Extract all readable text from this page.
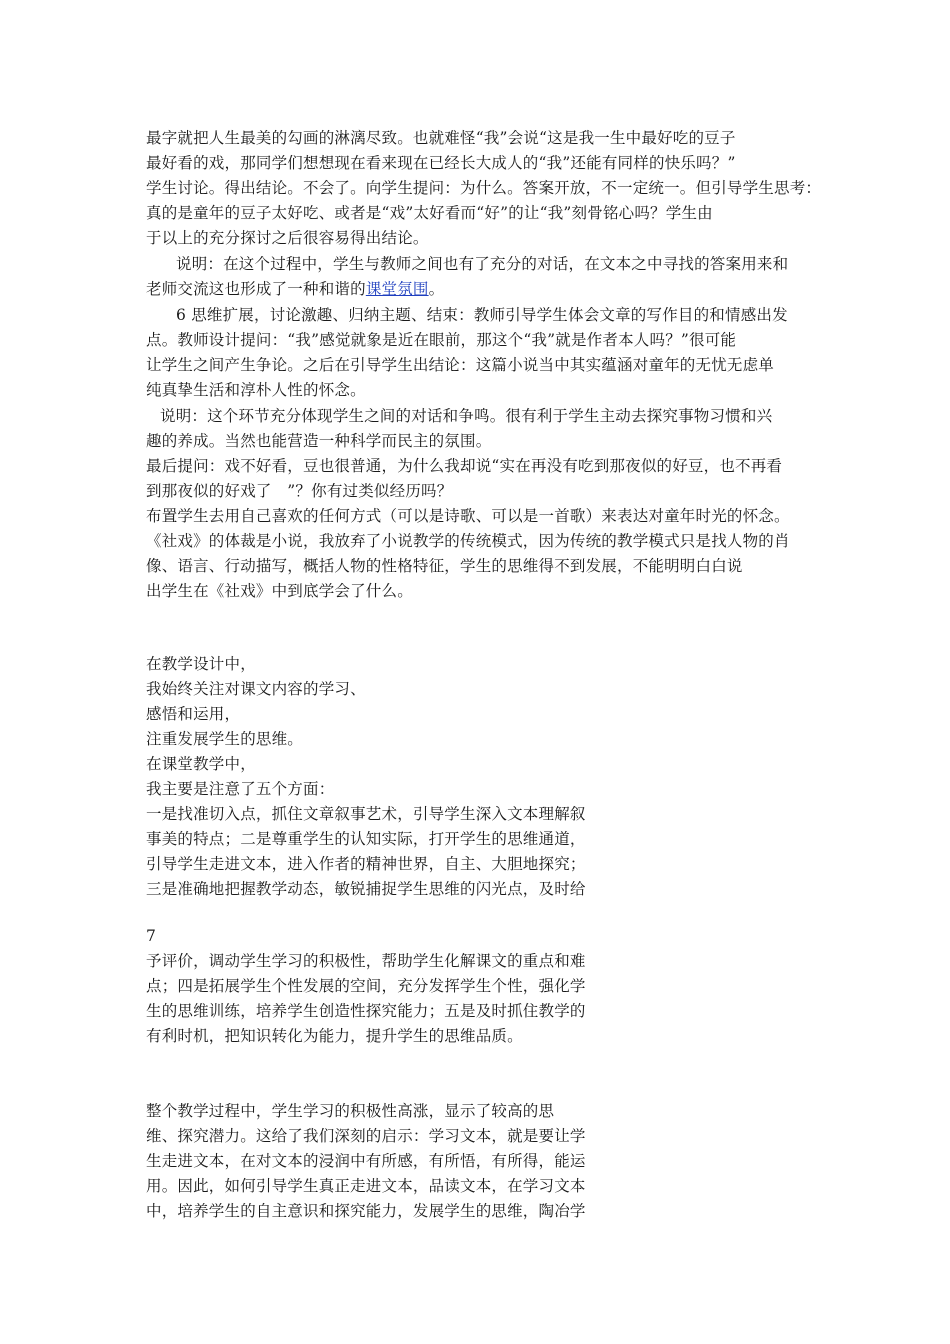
最字就把人生最美的勾画的淋漓尽致。也就难怪“我”会说“这是我一生中最好吃的豆子
最好看的戏，那同学们想想现在看来现在已经长大成人的“我”还能有同样的快乐吗？”
学生讨论。得出结论。不会了。向学生提问：为什么。答案开放，不一定统一。但引导学生思考：
真的是童年的豆子太好吃、或者是“戏”太好看而“好”的让“我”刻骨铭心吗？学生由
于以上的充分探讨之后很容易得出结论。
说明：在这个过程中，学生与教师之间也有了充分的对话，在文本之中寻找的答案用来和
老师交流这也形成了一种和谐的课堂氛围。
6 思维扩展，讨论激趣、归纳主题、结束：教师引导学生体会文章的写作目的和情感出发
点。教师设计提问：“我”感觉就象是近在眼前，那这个“我”就是作者本人吗？”很可能
让学生之间产生争论。之后在引导学生出结论：这篇小说当中其实蕴涵对童年的无忧无虑单
纯真挚生活和淳朴人性的怀念。
说明：这个环节充分体现学生之间的对话和争鸣。很有利于学生主动去探究事物习惯和兴
趣的养成。当然也能营造一种科学而民主的氛围。
最后提问：戏不好看，豆也很普通，为什么我却说“实在再没有吃到那夜似的好豆，也不再看
到那夜似的好戏了　”？你有过类似经历吗？
布置学生去用自己喜欢的任何方式（可以是诗歌、可以是一首歌）来表达对童年时光的怀念。
《社戏》的体裁是小说，我放弃了小说教学的传统模式，因为传统的教学模式只是找人物的肖
像、语言、行动描写，概括人物的性格特征，学生的思维得不到发展，不能明明白白说
出学生在《社戏》中到底学会了什么。
在教学设计中，
我始终关注对课文内容的学习、
感悟和运用，
注重发展学生的思维。
在课堂教学中，
我主要是注意了五个方面：
一是找准切入点，抓住文章叙事艺术，引导学生深入文本理解叙
事美的特点；二是尊重学生的认知实际，打开学生的思维通道，
引导学生走进文本，进入作者的精神世界，自主、大胆地探究；
三是准确地把握教学动态，敏锐捕捉学生思维的闪光点，及时给
7
予评价，调动学生学习的积极性，帮助学生化解课文的重点和难
点；四是拓展学生个性发展的空间，充分发挥学生个性，强化学
生的思维训练，培养学生创造性探究能力；五是及时抓住教学的
有利时机，把知识转化为能力，提升学生的思维品质。
整个教学过程中，学生学习的积极性高涨，显示了较高的思
维、探究潜力。这给了我们深刻的启示：学习文本，就是要让学
生走进文本，在对文本的浸润中有所感，有所悟，有所得，能运
用。因此，如何引导学生真正走进文本，品读文本，在学习文本
中，培养学生的自主意识和探究能力，发展学生的思维，陶冶学
